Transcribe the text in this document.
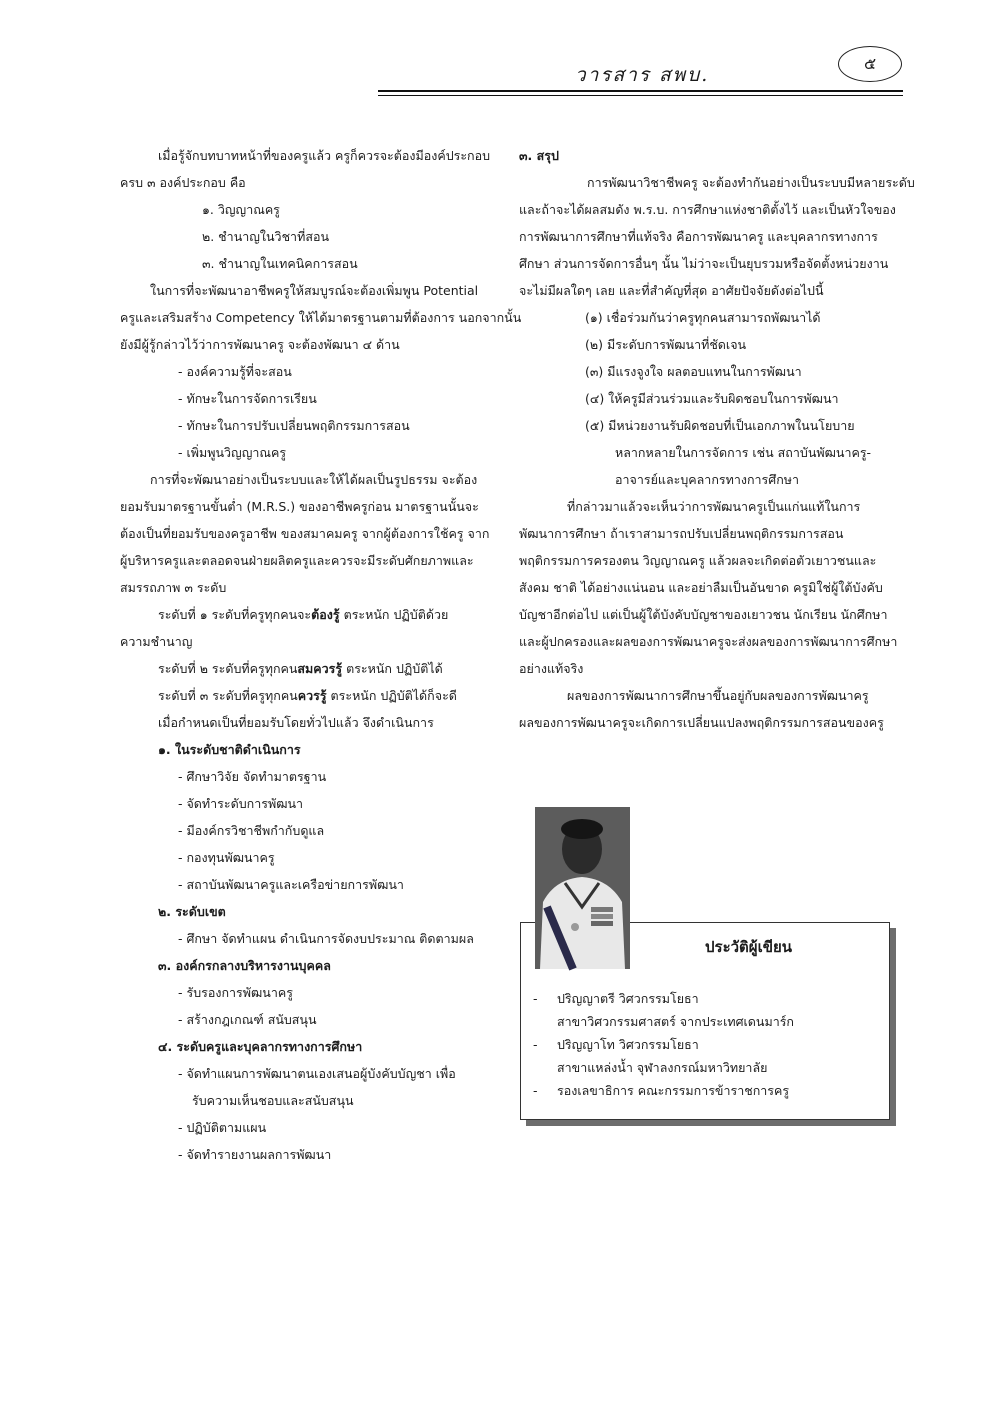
วารสาร สพบ.
๕
เมื่อรู้จักบทบาทหน้าที่ของครูแล้ว ครูก็ควรจะต้องมีองค์ประกอบ
ครบ ๓ องค์ประกอบ คือ
๑. วิญญาณครู
๒. ชำนาญในวิชาที่สอน
๓. ชำนาญในเทคนิคการสอน
ในการที่จะพัฒนาอาชีพครูให้สมบูรณ์จะต้องเพิ่มพูน Potential
ครูและเสริมสร้าง Competency ให้ได้มาตรฐานตามที่ต้องการ นอกจากนั้น
ยังมีผู้รู้กล่าวไว้ว่าการพัฒนาครู จะต้องพัฒนา ๔ ด้าน
- องค์ความรู้ที่จะสอน
- ทักษะในการจัดการเรียน
- ทักษะในการปรับเปลี่ยนพฤติกรรมการสอน
- เพิ่มพูนวิญญาณครู
การที่จะพัฒนาอย่างเป็นระบบและให้ได้ผลเป็นรูปธรรม จะต้อง
ยอมรับมาตรฐานขั้นต่ำ (M.R.S.) ของอาชีพครูก่อน มาตรฐานนั้นจะ
ต้องเป็นที่ยอมรับของครูอาชีพ ของสมาคมครู จากผู้ต้องการใช้ครู จาก
ผู้บริหารครูและตลอดจนฝ่ายผลิตครูและควรจะมีระดับศักยภาพและ
สมรรถภาพ ๓ ระดับ
ระดับที่ ๑ ระดับที่ครูทุกคนจะต้องรู้ ตระหนัก ปฏิบัติด้วย
ความชำนาญ
ระดับที่ ๒ ระดับที่ครูทุกคนสมควรรู้ ตระหนัก ปฏิบัติได้
ระดับที่ ๓ ระดับที่ครูทุกคนควรรู้ ตระหนัก ปฏิบัติได้ก็จะดี
เมื่อกำหนดเป็นที่ยอมรับโดยทั่วไปแล้ว จึงดำเนินการ
๑. ในระดับชาติดำเนินการ
- ศึกษาวิจัย จัดทำมาตรฐาน
- จัดทำระดับการพัฒนา
- มีองค์กรวิชาชีพกำกับดูแล
- กองทุนพัฒนาครู
- สถาบันพัฒนาครูและเครือข่ายการพัฒนา
๒. ระดับเขต
- ศึกษา จัดทำแผน ดำเนินการจัดงบประมาณ ติดตามผล
๓. องค์กรกลางบริหารงานบุคคล
- รับรองการพัฒนาครู
- สร้างกฎเกณฑ์ สนับสนุน
๔. ระดับครูและบุคลากรทางการศึกษา
- จัดทำแผนการพัฒนาตนเองเสนอผู้บังคับบัญชา เพื่อ
รับความเห็นชอบและสนับสนุน
- ปฏิบัติตามแผน
- จัดทำรายงานผลการพัฒนา
๓. สรุป
การพัฒนาวิชาชีพครู จะต้องทำกันอย่างเป็นระบบมีหลายระดับ
และถ้าจะได้ผลสมดัง พ.ร.บ. การศึกษาแห่งชาติตั้งไว้ และเป็นหัวใจของ
การพัฒนาการศึกษาที่แท้จริง คือการพัฒนาครู และบุคลากรทางการ
ศึกษา ส่วนการจัดการอื่นๆ นั้น ไม่ว่าจะเป็นยุบรวมหรือจัดตั้งหน่วยงาน
จะไม่มีผลใดๆ เลย และที่สำคัญที่สุด อาศัยปัจจัยดังต่อไปนี้
(๑) เชื่อร่วมกันว่าครูทุกคนสามารถพัฒนาได้
(๒) มีระดับการพัฒนาที่ชัดเจน
(๓) มีแรงจูงใจ ผลตอบแทนในการพัฒนา
(๔) ให้ครูมีส่วนร่วมและรับผิดชอบในการพัฒนา
(๕) มีหน่วยงานรับผิดชอบที่เป็นเอกภาพในนโยบาย
หลากหลายในการจัดการ เช่น สถาบันพัฒนาครู-
อาจารย์และบุคลากรทางการศึกษา
ที่กล่าวมาแล้วจะเห็นว่าการพัฒนาครูเป็นแก่นแท้ในการ
พัฒนาการศึกษา ถ้าเราสามารถปรับเปลี่ยนพฤติกรรมการสอน
พฤติกรรมการครองตน วิญญาณครู แล้วผลจะเกิดต่อตัวเยาวชนและ
สังคม ชาติ ได้อย่างแน่นอน และอย่าลืมเป็นอันขาด ครูมิใช่ผู้ใต้บังคับ
บัญชาอีกต่อไป แต่เป็นผู้ใต้บังคับบัญชาของเยาวชน นักเรียน นักศึกษา
และผู้ปกครองและผลของการพัฒนาครูจะส่งผลของการพัฒนาการศึกษา
อย่างแท้จริง
ผลของการพัฒนาการศึกษาขึ้นอยู่กับผลของการพัฒนาครู
ผลของการพัฒนาครูจะเกิดการเปลี่ยนแปลงพฤติกรรมการสอนของครู
ประวัติผู้เขียน
-	ปริญญาตรี วิศวกรรมโยธา
สาขาวิศวกรรมศาสตร์ จากประเทศเดนมาร์ก
-	ปริญญาโท วิศวกรรมโยธา
สาขาแหล่งน้ำ จุฬาลงกรณ์มหาวิทยาลัย
-	รองเลขาธิการ คณะกรรมการข้าราชการครู
